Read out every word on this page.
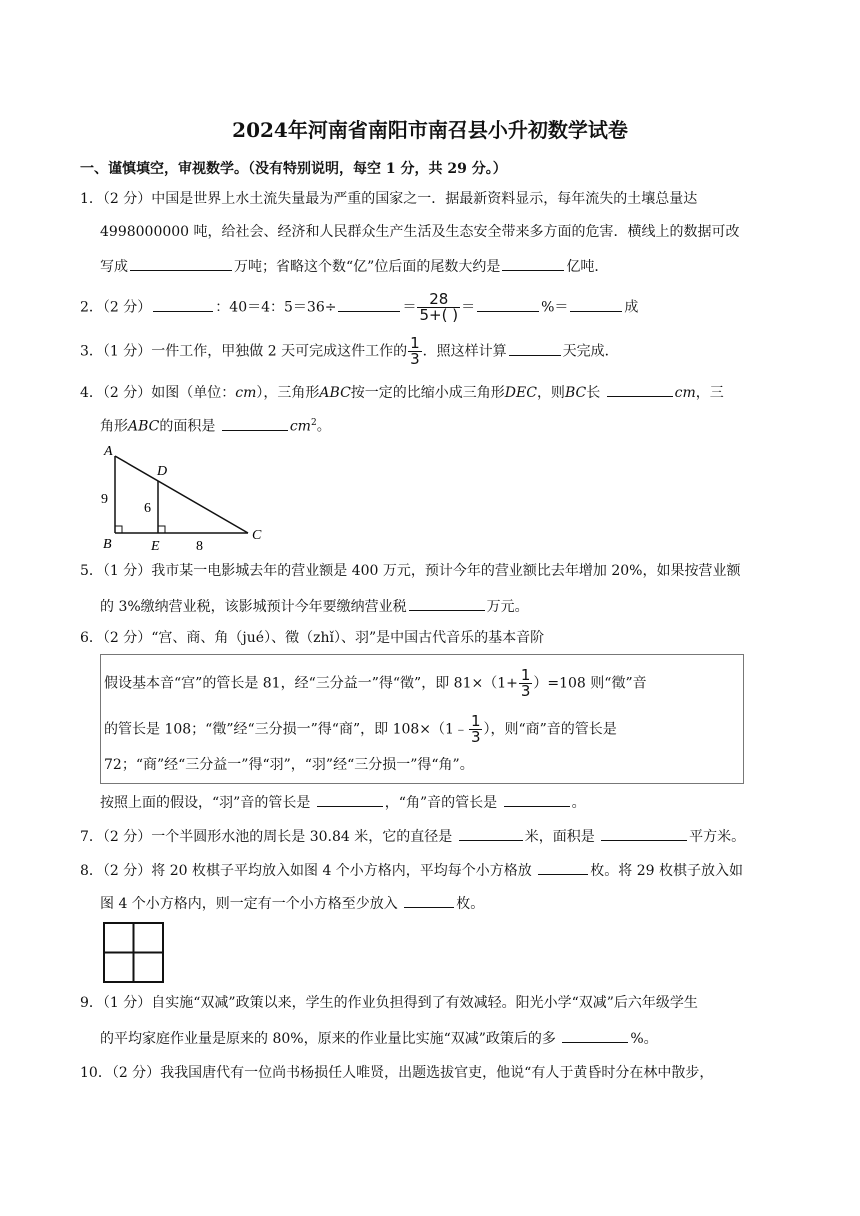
2024年河南省南阳市南召县小升初数学试卷
一、谨慎填空，审视数学。（没有特别说明，每空 1 分，共 29 分。）
1．（2 分）中国是世界上水土流失量最为严重的国家之一．据最新资料显示，每年流失的土壤总量达
4998000000 吨，给社会、经济和人民群众生产生活及生态安全带来多方面的危害．横线上的数据可改
写成	万吨；省略这个数“亿”位后面的尾数大约是	亿吨．
2．（2 分）	：40＝4：5＝36÷	＝ $\frac{28}{5+( )}$ ＝	%＝	成
3．（1 分）一件工作，甲独做 2 天可完成这件工作的 $\frac{1}{3}$ ．照这样计算	天完成．
4．（2 分）如图（单位：cm），三角形ABC按一定的比缩小成三角形DEC，则BC长	cm，三
角形ABC的面积是	$cm^2$。
A
B
C
D
E
9
6
8
5．（1 分）我市某一电影城去年的营业额是 400 万元，预计今年的营业额比去年增加 20%，如果按营业额
的 3%缴纳营业税，该影城预计今年要缴纳营业税	万元。
6．（2 分）“宫、商、角（jué）、徵（zhǐ）、羽”是中国古代音乐的基本音阶
假设基本音“宫”的管长是 81，经“三分益一”得“徵”，即 $81\times(1+ \frac{1}{3} )=108$ 则“徵”音
的管长是 108；“徵”经“三分损一”得“商”，即 108×（1﹣ $\frac{1}{3}$ ），则“商”音的管长是
72；“商”经“三分益一”得“羽”，“羽”经“三分损一”得“角”。
按照上面的假设，“羽”音的管长是	，“角”音的管长是	。
7．（2 分）一个半圆形水池的周长是 30.84 米，它的直径是	米，面积是	平方米。
8．（2 分）将 20 枚棋子平均放入如图 4 个小方格内，平均每个小方格放	枚。将 29 枚棋子放入如
图 4 个小方格内，则一定有一个小方格至少放入	枚。
9．（1 分）自实施“双减”政策以来，学生的作业负担得到了有效减轻。阳光小学“双减”后六年级学生
的平均家庭作业量是原来的 80%，原来的作业量比实施“双减”政策后的多	%。
10．（2 分）我我国唐代有一位尚书杨损任人唯贤，出题选拔官吏，他说“有人于黄昏时分在林中散步，
